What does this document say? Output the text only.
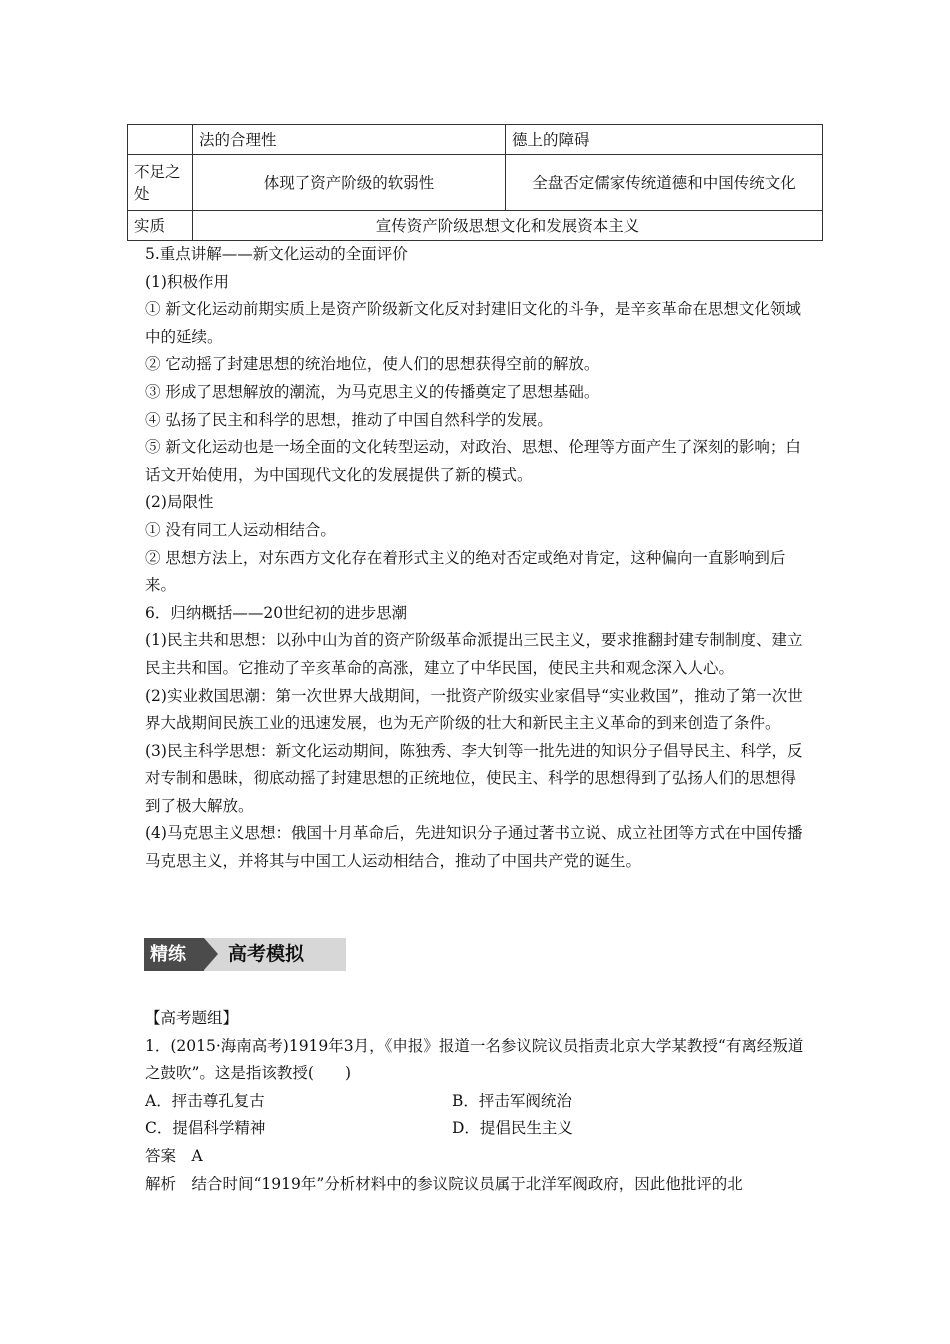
	法的合理性	德上的障碍
不足之处	体现了资产阶级的软弱性	全盘否定儒家传统道德和中国传统文化
实质	宣传资产阶级思想文化和发展资本主义	

5.重点讲解——新文化运动的全面评价

(1)积极作用

① 新文化运动前期实质上是资产阶级新文化反对封建旧文化的斗争，是辛亥革命在思想文化领域中的延续。

② 它动摇了封建思想的统治地位，使人们的思想获得空前的解放。

③ 形成了思想解放的潮流，为马克思主义的传播奠定了思想基础。

④ 弘扬了民主和科学的思想，推动了中国自然科学的发展。

⑤ 新文化运动也是一场全面的文化转型运动，对政治、思想、伦理等方面产生了深刻的影响；白话文开始使用，为中国现代文化的发展提供了新的模式。

(2)局限性

① 没有同工人运动相结合。

② 思想方法上，对东西方文化存在着形式主义的绝对否定或绝对肯定，这种偏向一直影响到后来。

6．归纳概括——20世纪初的进步思潮

(1)民主共和思想：以孙中山为首的资产阶级革命派提出三民主义，要求推翻封建专制制度、建立民主共和国。它推动了辛亥革命的高涨，建立了中华民国，使民主共和观念深入人心。

(2)实业救国思潮：第一次世界大战期间，一批资产阶级实业家倡导“实业救国”，推动了第一次世界大战期间民族工业的迅速发展，也为无产阶级的壮大和新民主主义革命的到来创造了条件。

(3)民主科学思想：新文化运动期间，陈独秀、李大钊等一批先进的知识分子倡导民主、科学，反对专制和愚昧，彻底动摇了封建思想的正统地位，使民主、科学的思想得到了弘扬人们的思想得到了极大解放。

(4)马克思主义思想：俄国十月革命后，先进知识分子通过著书立说、成立社团等方式在中国传播马克思主义，并将其与中国工人运动相结合，推动了中国共产党的诞生。

精练	高考模拟

【高考题组】

1．(2015·海南高考)1919年3月，《申报》报道一名参议院议员指责北京大学某教授“有离经叛道之鼓吹”。这是指该教授(　　)

A．抨击尊孔复古	B．抨击军阀统治
C．提倡科学精神	D．提倡民生主义

答案　A

解析　结合时间“1919年”分析材料中的参议院议员属于北洋军阀政府，因此他批评的北
